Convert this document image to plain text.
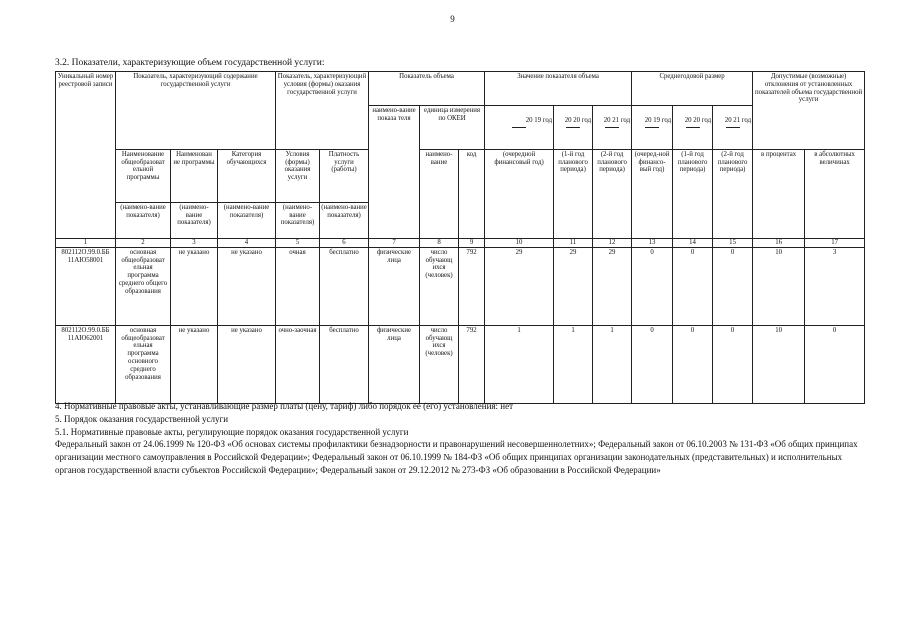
9
3.2. Показатели, характеризующие объем государственной услуги:
Уникальный номер реестровой записи	Показатель, характеризующий содержание государственной услуги			Показатель, характеризующий условия (формы) оказания государственной услуги		Показатель объема			Значение показателя объема			Среднегодовой размер			Допустимые (возможные) отклонения от установленных показателей объема государственной услуги	
						наимено-вание показа теля	единица измерения по ОКЕИ		20 19 год	20 20 год	20 21 год	20 19 год	20 20 год	20 21 год		

	Наименование общеобразоват ельной программы	Наименован ие программы	Категория обучающихся	Условия (формы) оказания услуги	Платность услуги (работы)		наимено-вание	код	(очередной финансовый год)	(1-й год планового периода)	(2-й год планового периода)	(очеред-ной финансо-вый год)	(1-й год планового периода)	(2-й год планового периода)	в процентах	в абсолютных величинах

	(наимено-вание показателя)	(наимено-вание показателя)	(наимено-вание показателя)	(наимено-вание показателя)	(наимено-вание показателя)											
1	2	3	4	5	6	7	8	9	10	11	12	13	14	15	16	17
802112О.99.0.ББ 11АЮ58001	основная общеобразоват ельная программа среднего общего образования	не указано	не указано	очная	бесплатно	физические лица	число обучающ ихся (человек)	792	29	29	29	0	0	0	10	3
802112О.99.0.ББ 11АЮ62001	основная общеобразоват ельная программа основного среднего образования	не указано	не указано	очно-заочная	бесплатно	физические лица	число обучающ ихся (человек)	792	1	1	1	0	0	0	10	0

4. Нормативные правовые акты, устанавливающие размер платы (цену, тариф) либо порядок ее (его) установления: нет

5. Порядок оказания государственной услуги

5.1. Нормативные правовые акты, регулирующие порядок оказания государственной услуги

Федеральный закон от 24.06.1999 № 120-ФЗ «Об основах системы профилактики безнадзорности и правонарушений несовершеннолетних»; Федеральный закон от 06.10.2003 № 131-ФЗ «Об общих принципах организации местного самоуправления в Российской Федерации»; Федеральный закон от 06.10.1999 № 184-ФЗ «Об общих принципах организации законодательных (представительных) и исполнительных органов государственной власти субъектов Российской Федерации»; Федеральный закон от 29.12.2012 № 273-ФЗ «Об образовании в Российской Федерации»
